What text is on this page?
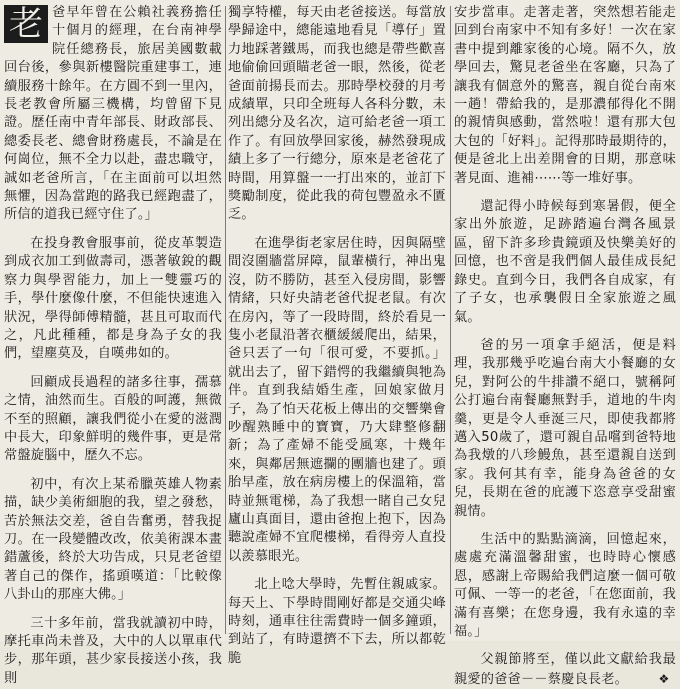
老 爸早年曾在公賴社義務擔任十個月的經理，在台南神學院任總務長，旅居美國數載回台後，參與新樓醫院重建事工，連續服務十餘年。在方圓不到一里內，長老教會所屬三機構，均曾留下見證。歷任南中青年部長、財政部長、總委長老、總會財務處長，不論是在何崗位，無不全力以赴，盡忠職守，誠如老爸所言，「在主面前可以坦然無懼，因為當跑的路我已經跑盡了，所信的道我已經守住了。」

在投身教會服事前，從皮革製造到成衣加工到做壽司，憑著敏銳的觀察力與學習能力，加上一雙靈巧的手，學什麼像什麼，不但能快速進入狀況，學得師傅精髓，甚且可取而代之，凡此種種，都是身為子女的我們，望塵莫及，自嘆弗如的。

回顧成長過程的諸多往事，孺慕之情，油然而生。百般的呵護，無微不至的照顧，讓我們從小在愛的滋潤中長大，印象鮮明的幾件事，更是常常盤旋腦中，歷久不忘。

初中，有次上某希臘英雄人物素描，缺少美術細胞的我，望之發愁，苦於無法交差，爸自告奮勇，替我捉刀。在一段變體改改，依美術課本畫錯蘆後，終於大功告成，只見老爸望著自己的傑作，搖頭嘆道：「比較像八卦山的那座大佛。」

三十多年前，當我就讀初中時，摩托車尚未普及，大中的人以單車代步，那年頭，甚少家長接送小孩，我則

獨享特權，每天由老爸接送。每當放學歸途中，總能遠地看見「導仔」置力地踩著鐵馬，而我也總是帶些歡喜地偷偷回頭瞄老爸一眼，然後，從老爸面前揚長而去。那時學校發的月考成績單，只印全班每人各科分數，未列出總分及名次，這可給老爸一項工作了。有回放學回家後，赫然發現成績上多了一行總分，原來是老爸花了時間，用算盤一一打出來的，並訂下獎勵制度，從此我的荷包豐盈永不匱乏。

在進學街老家居住時，因與隔壁間沒圍牆當屏障，鼠輩橫行，神出鬼沒，防不勝防，甚至入侵房間，影響情緒，只好央請老爸代捉老鼠。有次在房內，等了一段時間，終於看見一隻小老鼠沿著衣櫃緩緩爬出，結果，爸只丟了一句「很可愛，不要抓。」就出去了，留下錯愕的我繼續與牠為伴。直到我結婚生產，回娘家做月子，為了怕天花板上傳出的交響樂會吵醒熟睡中的寶寶，乃大肆整修翻新；為了產婦不能受風寒，十幾年來，與鄰居無遮攔的團牆也建了。頭胎早產，放在病房樓上的保溫箱，當時並無電梯，為了我想一睹自己女兒廬山真面目，還由爸抱上抱下，因為聽說產婦不宜爬樓梯，看得旁人直投以羨慕眼光。

北上唸大學時，先暫住親戚家。每天上、下學時間剛好都是交通尖峰時刻，通車往往需費時一個多鐘頭，到站了，有時還擠不下去，所以都乾脆

安步當車。走著走著，突然想若能走回到台南家中不知有多好！一次在家書中提到離家後的心境。隔不久，放學回去，驚見老爸坐在客廳，只為了讓我有個意外的驚喜，親自從台南來一趟！帶給我的，是那濃郁得化不開的親情與感動，當然啦！還有那大包大包的「好料」。記得那時最期待的，便是爸北上出差開會的日期，那意味著見面、進補⋯⋯等一堆好事。

還記得小時候每到寒暑假，便全家出外旅遊，足跡踏遍台灣各風景區，留下許多珍貴鏡頭及快樂美好的回憶，也不啻是我們個人最佳成長紀錄史。直到今日，我們各自成家，有了子女，也承襲假日全家旅遊之風氣。

爸的另一項拿手絕活，便是料理，我那幾乎吃遍台南大小餐廳的女兒，對阿公的牛排讚不絕口，號稱阿公打遍台南餐廳無對手，道地的牛肉羹，更是令人垂涎三尺，即使我都將邁入50歲了，還可親自品嚐到爸特地為我燉的八珍鰻魚，甚至還親自送到家。我何其有幸，能身為爸爸的女兒，長期在爸的庇護下恣意享受甜蜜親情。

生活中的點點滴滴，回憶起來，處處充滿溫馨甜蜜，也時時心懷感恩，感謝上帝賜給我們這麼一個可敬可佩、一等一的老爸，「在您面前，我滿有喜樂；在您身邊，我有永遠的幸福。」

父親節將至，僅以此文獻給我最親愛的爸爸－－蔡慶良長老。	❖
